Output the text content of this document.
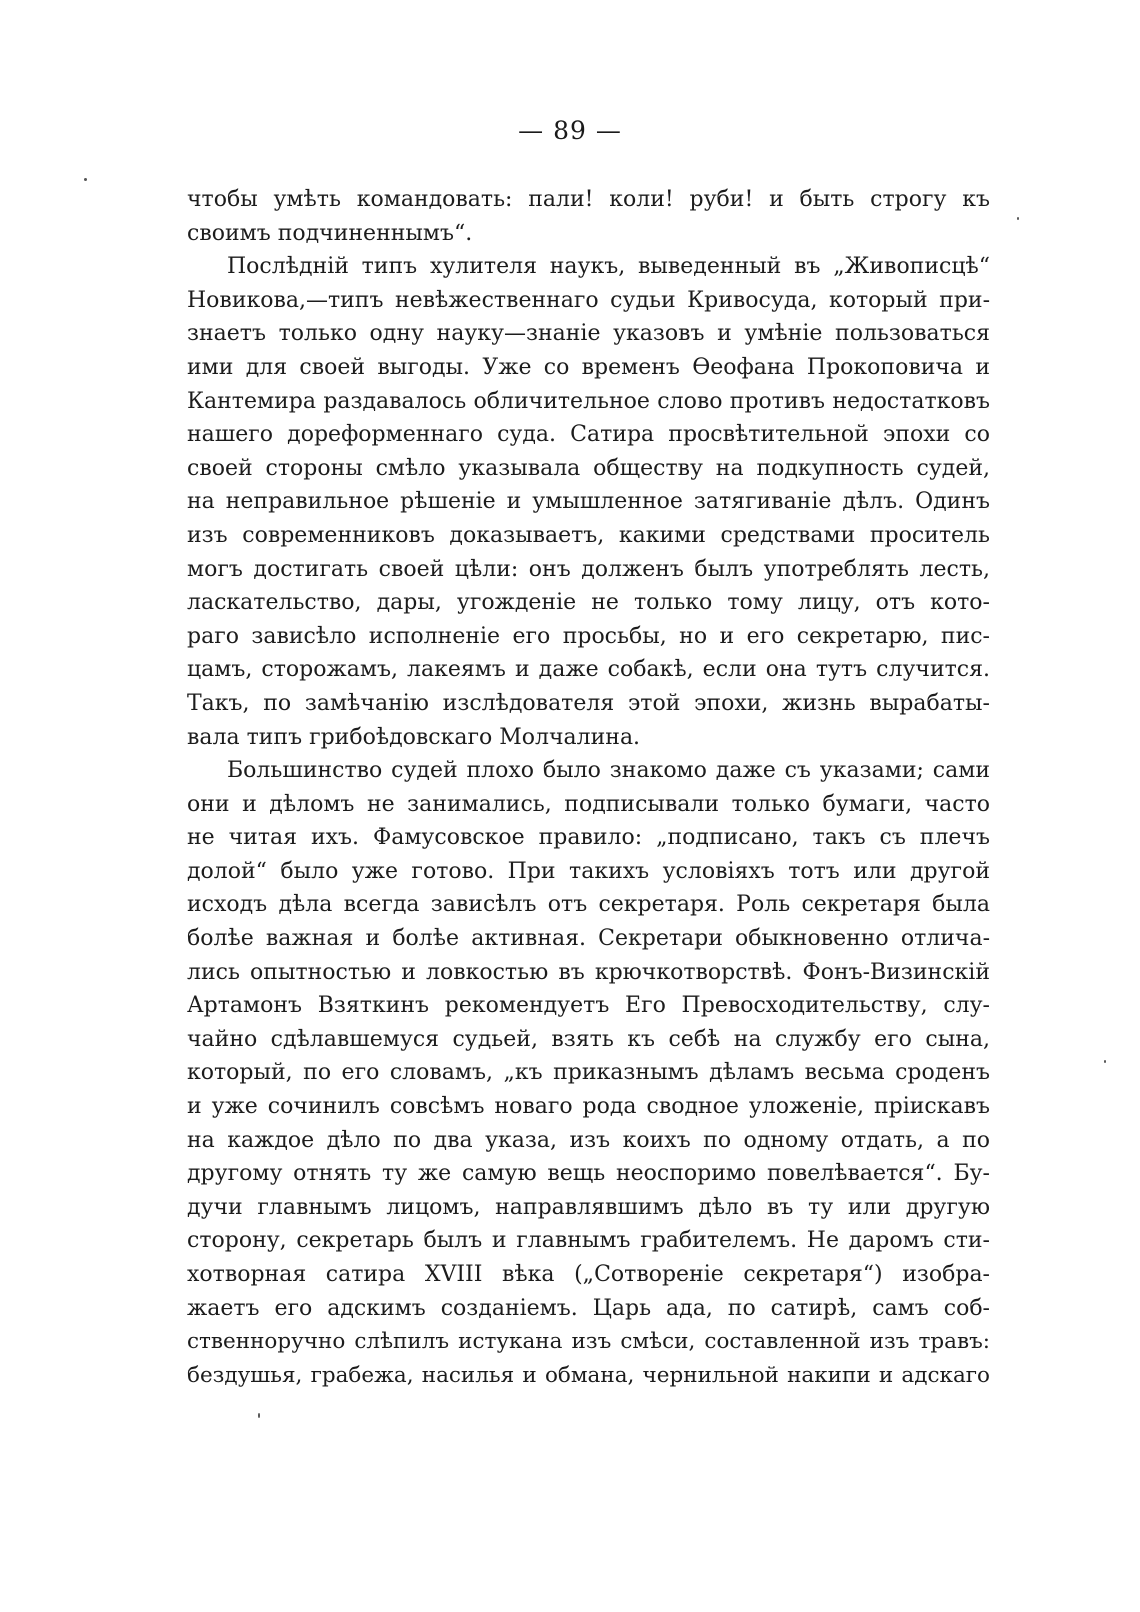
— 89 —
чтобы умѣть командовать: пали! коли! руби! и быть строгу къ
своимъ подчиненнымъ“.
Послѣднiй типъ хулителя наукъ, выведенный въ „Живописцѣ“
Новикова,—типъ невѣжественнаго судьи Кривосуда, который при-
знаетъ только одну науку—знанiе указовъ и умѣнiе пользоваться
ими для своей выгоды. Уже со временъ Ѳеофана Прокоповича и
Кантемира раздавалось обличительное слово противъ недостатковъ
нашего дореформеннаго суда. Сатира просвѣтительной эпохи со
своей стороны смѣло указывала обществу на подкупность судей,
на неправильное рѣшенiе и умышленное затягиванiе дѣлъ. Одинъ
изъ современниковъ доказываетъ, какими средствами проситель
могъ достигать своей цѣли: онъ долженъ былъ употреблять лесть,
ласкательство, дары, угожденiе не только тому лицу, отъ кото-
раго зависѣло исполненiе его просьбы, но и его секретарю, пис-
цамъ, сторожамъ, лакеямъ и даже собакѣ, если она тутъ случится.
Такъ, по замѣчанiю изслѣдователя этой эпохи, жизнь вырабаты-
вала типъ грибоѣдовскаго Молчалина.
Большинство судей плохо было знакомо даже съ указами; сами
они и дѣломъ не занимались, подписывали только бумаги, часто
не читая ихъ. Фамусовское правило: „подписано, такъ съ плечъ
долой“ было уже готово. При такихъ условiяхъ тотъ или другой
исходъ дѣла всегда зависѣлъ отъ секретаря. Роль секретаря была
болѣе важная и болѣе активная. Секретари обыкновенно отлича-
лись опытностью и ловкостью въ крючкотворствѣ. Фонъ-Визинскiй
Артамонъ Взяткинъ рекомендуетъ Его Превосходительству, слу-
чайно сдѣлавшемуся судьей, взять къ себѣ на службу его сына,
который, по его словамъ, „къ приказнымъ дѣламъ весьма сроденъ
и уже сочинилъ совсѣмъ новаго рода сводное уложенiе, прiискавъ
на каждое дѣло по два указа, изъ коихъ по одному отдать, а по
другому отнять ту же самую вещь неоспоримо повелѣвается“. Бу-
дучи главнымъ лицомъ, направлявшимъ дѣло въ ту или другую
сторону, секретарь былъ и главнымъ грабителемъ. Не даромъ сти-
хотворная сатира XVIII вѣка („Сотворенiе секретаря“) изобра-
жаетъ его адскимъ созданiемъ. Царь ада, по сатирѣ, самъ соб-
ственноручно слѣпилъ истукана изъ смѣси, составленной изъ травъ:
бездушья, грабежа, насилья и обмана, чернильной накипи и адскаго
